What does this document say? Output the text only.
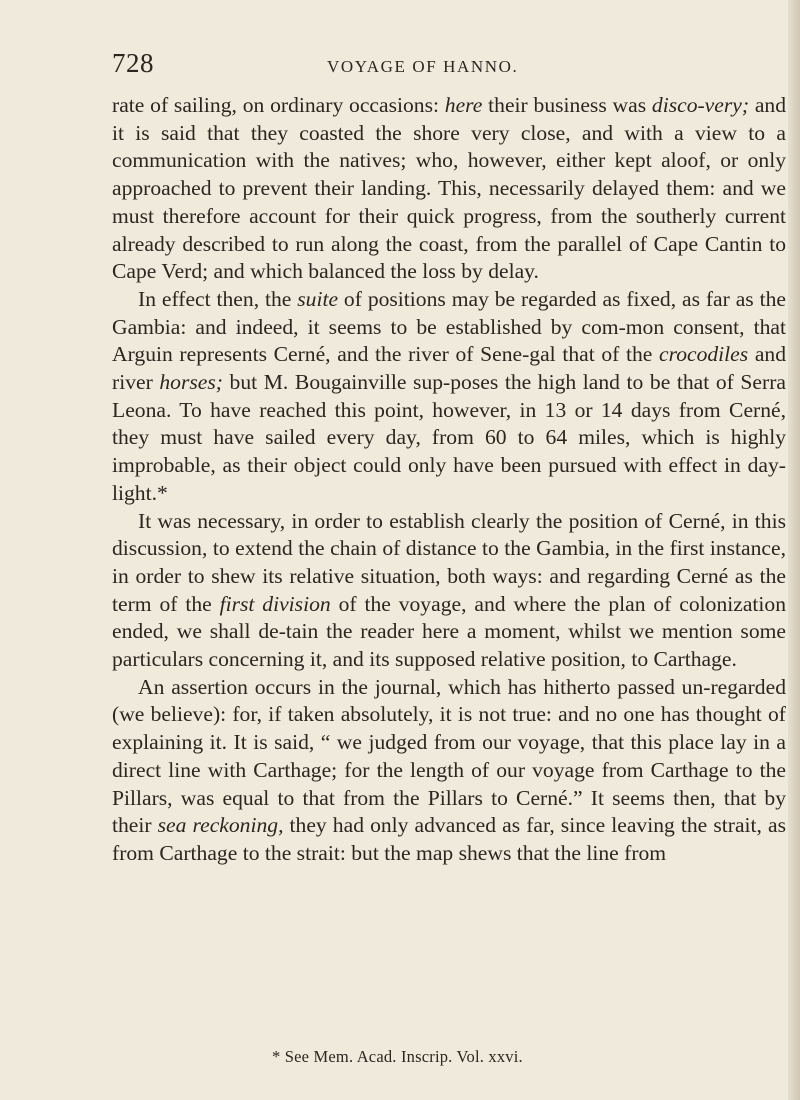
728	VOYAGE OF HANNO.

rate of sailing, on ordinary occasions: here their business was disco-very; and it is said that they coasted the shore very close, and with a view to a communication with the natives; who, however, either kept aloof, or only approached to prevent their landing. This, necessarily delayed them: and we must therefore account for their quick progress, from the southerly current already described to run along the coast, from the parallel of Cape Cantin to Cape Verd; and which balanced the loss by delay.

In effect then, the suite of positions may be regarded as fixed, as far as the Gambia: and indeed, it seems to be established by com-mon consent, that Arguin represents Cerné, and the river of Sene-gal that of the crocodiles and river horses; but M. Bougainville sup-poses the high land to be that of Serra Leona. To have reached this point, however, in 13 or 14 days from Cerné, they must have sailed every day, from 60 to 64 miles, which is highly improbable, as their object could only have been pursued with effect in day-light.*

It was necessary, in order to establish clearly the position of Cerné, in this discussion, to extend the chain of distance to the Gambia, in the first instance, in order to shew its relative situation, both ways: and regarding Cerné as the term of the first division of the voyage, and where the plan of colonization ended, we shall de-tain the reader here a moment, whilst we mention some particulars concerning it, and its supposed relative position, to Carthage.

An assertion occurs in the journal, which has hitherto passed un-regarded (we believe): for, if taken absolutely, it is not true: and no one has thought of explaining it. It is said, “ we judged from our voyage, that this place lay in a direct line with Carthage; for the length of our voyage from Carthage to the Pillars, was equal to that from the Pillars to Cerné.” It seems then, that by their sea reckoning, they had only advanced as far, since leaving the strait, as from Carthage to the strait: but the map shews that the line from

* See Mem. Acad. Inscrip. Vol. xxvi.
